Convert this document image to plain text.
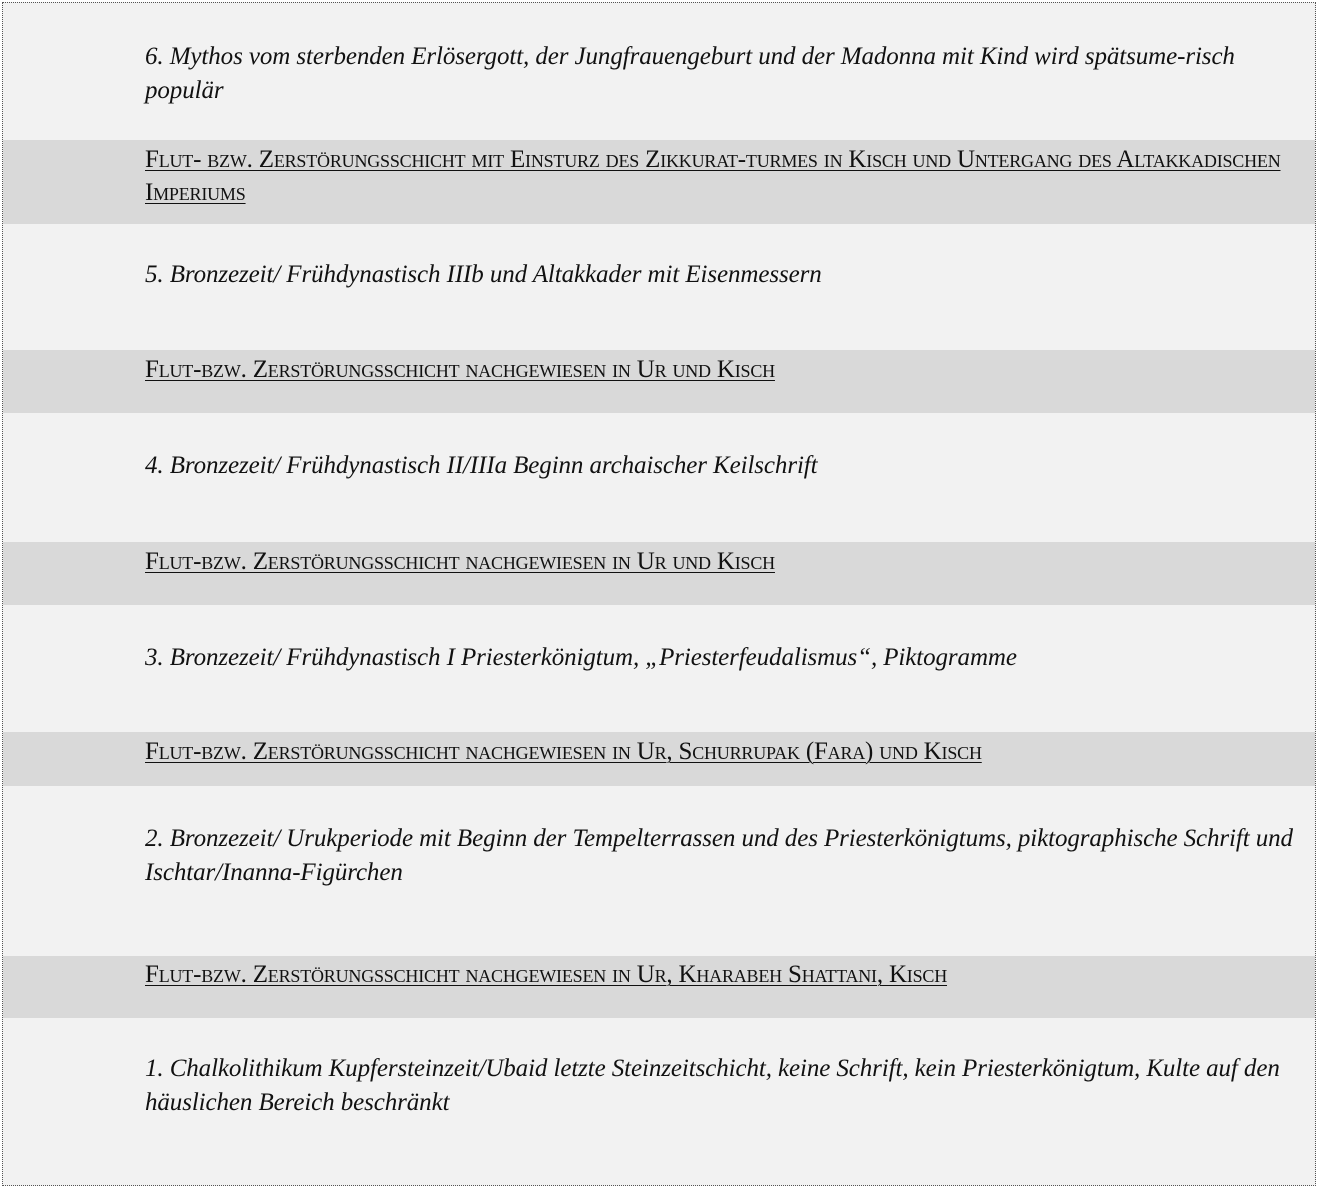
6. Mythos vom sterbenden Erlösergott, der Jungfrauengeburt und der Madonna mit Kind wird spätsume-risch populär
Flut- bzw. Zerstörungsschicht mit Einsturz des Zikkurat-turmes in Kisch und Untergang des Altakkadischen Imperiums
5. Bronzezeit/ Frühdynastisch IIIb und Altakkader mit Eisenmessern
Flut-bzw. Zerstörungsschicht nachgewiesen in Ur und Kisch
4. Bronzezeit/ Frühdynastisch II/IIIa Beginn archaischer Keilschrift
Flut-bzw. Zerstörungsschicht nachgewiesen in Ur und Kisch
3. Bronzezeit/ Frühdynastisch I Priesterkönigtum, „Priesterfeudalismus“, Piktogramme
Flut-bzw. Zerstörungsschicht nachgewiesen in Ur, Schurrupak (Fara) und Kisch
2. Bronzezeit/ Urukperiode mit Beginn der Tempelterrassen und des Priesterkönigtums, piktographische Schrift und Ischtar/Inanna-Figürchen
Flut-bzw. Zerstörungsschicht nachgewiesen in Ur, Kharabeh Shattani, Kisch
1. Chalkolithikum Kupfersteinzeit/Ubaid letzte Steinzeitschicht, keine Schrift, kein Priesterkönigtum, Kulte auf den häuslichen Bereich beschränkt
